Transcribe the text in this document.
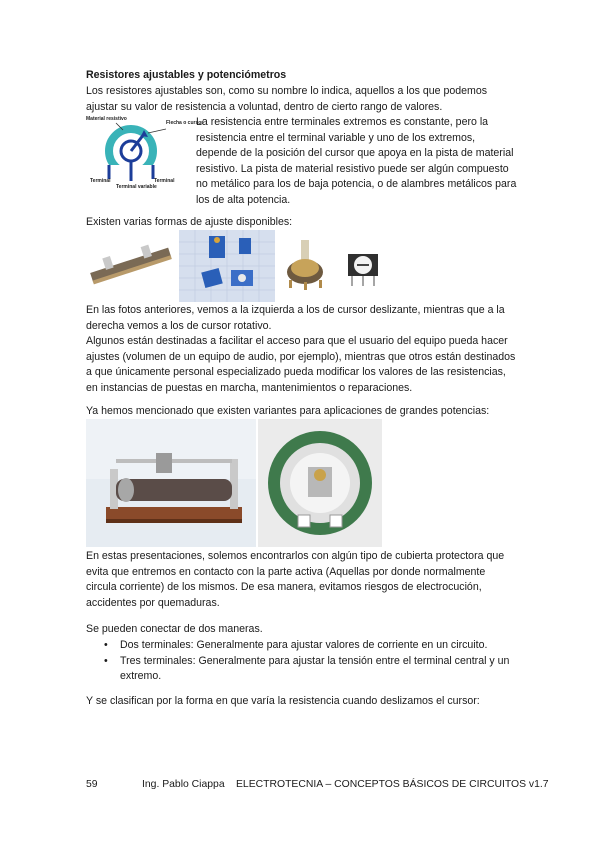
Resistores ajustables y potenciómetros
Los resistores ajustables son, como su nombre lo indica, aquellos a los que podemos ajustar su valor de resistencia a voluntad, dentro de cierto rango de valores.
Material resistivo
Flecha o cursor
Terminal	Terminal
Terminal variable
La resistencia entre terminales extremos es constante, pero la resistencia entre el terminal variable y uno de los extremos, depende de la posición del cursor que apoya en la pista de material resistivo. La pista de material resistivo puede ser algún compuesto no metálico para los de baja potencia, o de alambres metálicos para los de alta potencia.
Existen varias formas de ajuste disponibles:
En las fotos anteriores, vemos a la izquierda a los de cursor deslizante, mientras que a la derecha vemos a los de cursor rotativo.
Algunos están destinadas a facilitar el acceso para que el usuario del equipo pueda hacer ajustes (volumen de un equipo de audio, por ejemplo), mientras que otros están destinados a que únicamente personal especializado pueda modificar los valores de las resistencias, en instancias de puestas en marcha, mantenimientos o reparaciones.
Ya hemos mencionado que existen variantes para aplicaciones de grandes potencias:
En estas presentaciones, solemos encontrarlos con algún tipo de cubierta protectora que evita que entremos en contacto con la parte activa (Aquellas por donde normalmente circula corriente) de los mismos. De esa manera, evitamos riesgos de electrocución, accidentes por quemaduras.
Se pueden conectar de dos maneras.
• Dos terminales: Generalmente para ajustar valores de corriente en un circuito.
• Tres terminales: Generalmente para ajustar la tensión entre el terminal central y un extremo.
Y se clasifican por la forma en que varía la resistencia cuando deslizamos el cursor:
59	Ing. Pablo Ciappa ELECTROTECNIA – CONCEPTOS BÁSICOS DE CIRCUITOS v1.7
